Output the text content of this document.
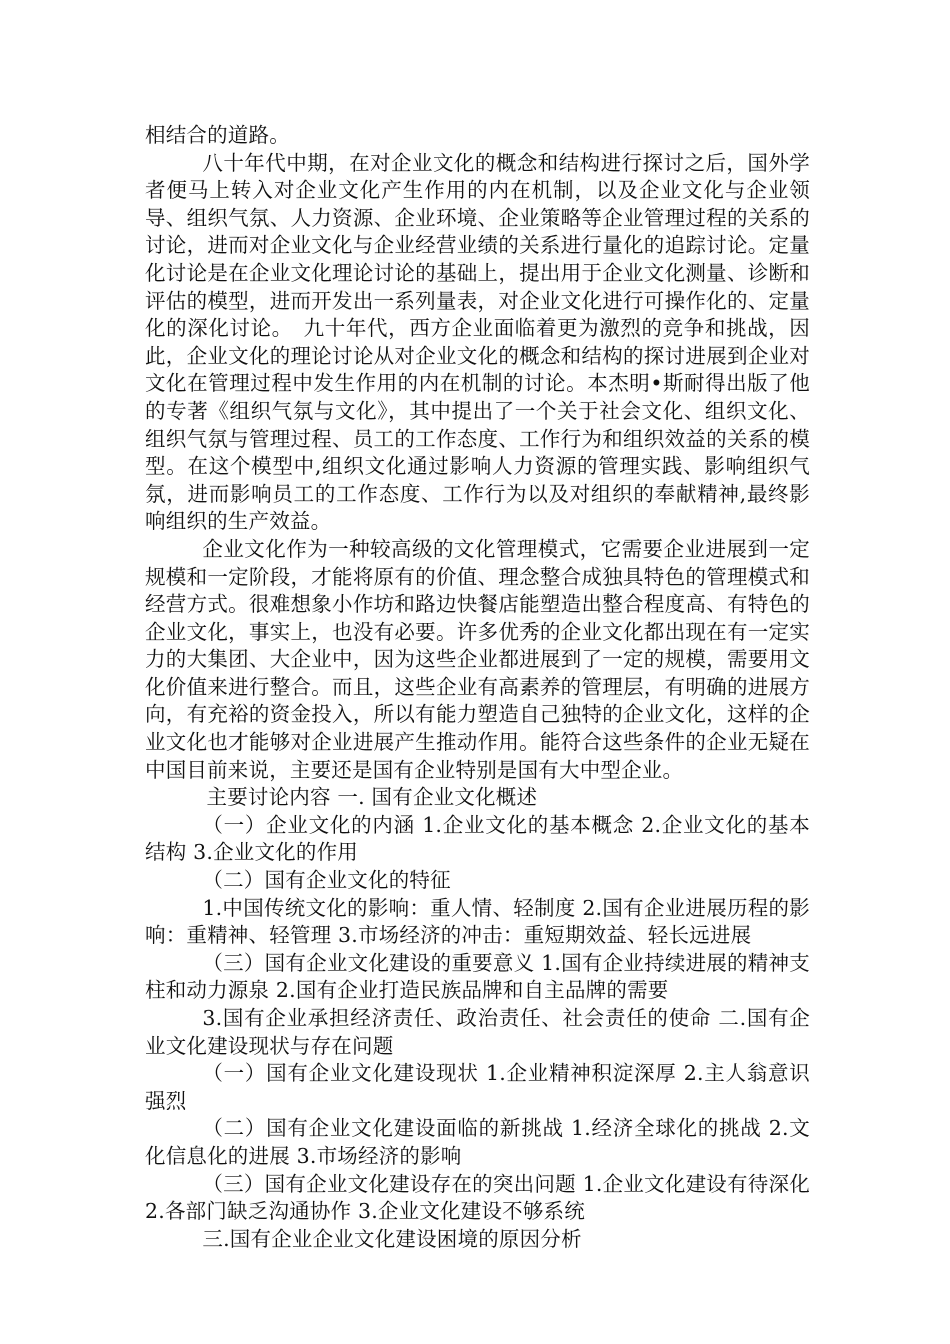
相结合的道路。

八十年代中期，在对企业文化的概念和结构进行探讨之后，国外学者便马上转入对企业文化产生作用的内在机制，以及企业文化与企业领导、组织气氛、人力资源、企业环境、企业策略等企业管理过程的关系的讨论，进而对企业文化与企业经营业绩的关系进行量化的追踪讨论。定量化讨论是在企业文化理论讨论的基础上，提出用于企业文化测量、诊断和评估的模型，进而开发出一系列量表，对企业文化进行可操作化的、定量化的深化讨论。　九十年代，西方企业面临着更为激烈的竞争和挑战，因此，企业文化的理论讨论从对企业文化的概念和结构的探讨进展到企业对文化在管理过程中发生作用的内在机制的讨论。本杰明•斯耐得出版了他的专著《组织气氛与文化》，其中提出了一个关于社会文化、组织文化、组织气氛与管理过程、员工的工作态度、工作行为和组织效益的关系的模型。在这个模型中,组织文化通过影响人力资源的管理实践、影响组织气氛，进而影响员工的工作态度、工作行为以及对组织的奉献精神,最终影响组织的生产效益。

企业文化作为一种较高级的文化管理模式，它需要企业进展到一定规模和一定阶段，才能将原有的价值、理念整合成独具特色的管理模式和经营方式。很难想象小作坊和路边快餐店能塑造出整合程度高、有特色的企业文化，事实上，也没有必要。许多优秀的企业文化都出现在有一定实力的大集团、大企业中，因为这些企业都进展到了一定的规模，需要用文化价值来进行整合。而且，这些企业有高素养的管理层，有明确的进展方向，有充裕的资金投入，所以有能力塑造自己独特的企业文化，这样的企业文化也才能够对企业进展产生推动作用。能符合这些条件的企业无疑在中国目前来说，主要还是国有企业特别是国有大中型企业。

主要讨论内容 一. 国有企业文化概述

（一）企业文化的内涵 1.企业文化的基本概念 2.企业文化的基本结构 3.企业文化的作用

（二）国有企业文化的特征

1.中国传统文化的影响：重人情、轻制度 2.国有企业进展历程的影响：重精神、轻管理 3.市场经济的冲击：重短期效益、轻长远进展

（三）国有企业文化建设的重要意义 1.国有企业持续进展的精神支柱和动力源泉 2.国有企业打造民族品牌和自主品牌的需要

3.国有企业承担经济责任、政治责任、社会责任的使命 二.国有企业文化建设现状与存在问题

（一）国有企业文化建设现状 1.企业精神积淀深厚 2.主人翁意识强烈

（二）国有企业文化建设面临的新挑战 1.经济全球化的挑战 2.文化信息化的进展 3.市场经济的影响

（三）国有企业文化建设存在的突出问题 1.企业文化建设有待深化 2.各部门缺乏沟通协作 3.企业文化建设不够系统

三.国有企业企业文化建设困境的原因分析
